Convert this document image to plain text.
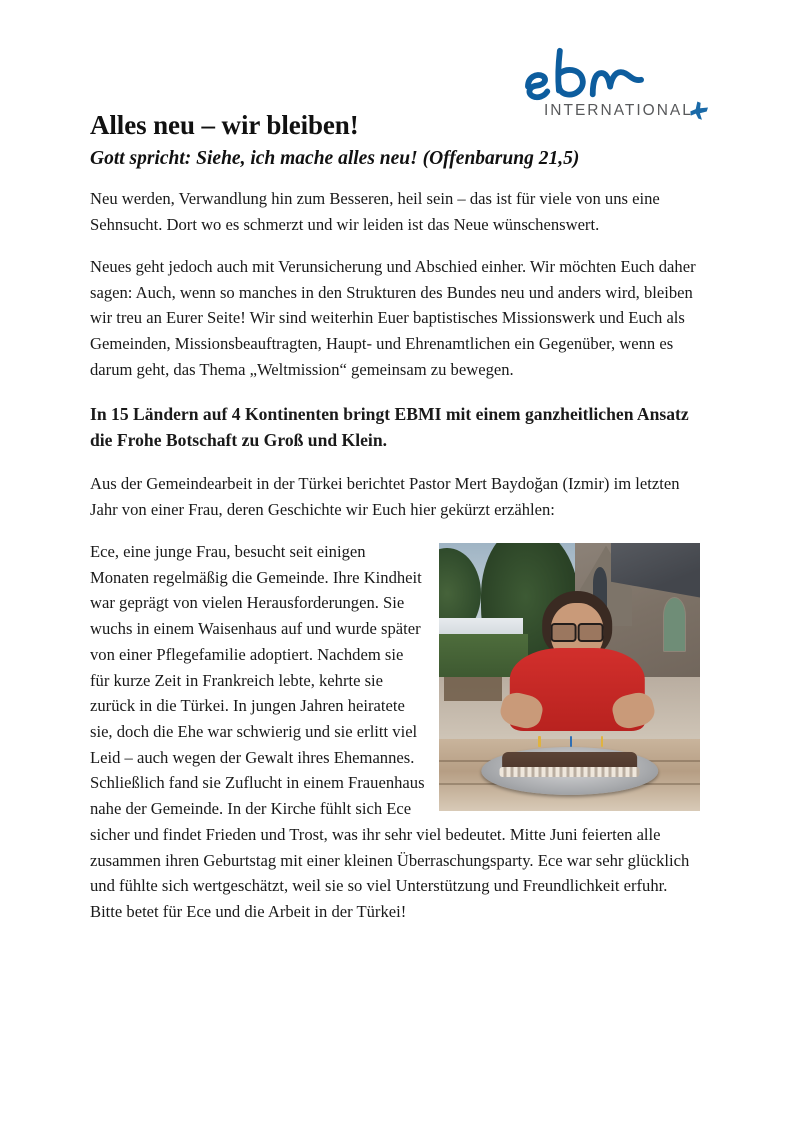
INTERNATIONAL
Alles neu – wir bleiben!
Gott spricht: Siehe, ich mache alles neu! (Offenbarung 21,5)

Neu werden, Verwandlung hin zum Besseren, heil sein – das ist für viele von uns eine Sehnsucht. Dort wo es schmerzt und wir leiden ist das Neue wünschenswert.

Neues geht jedoch auch mit Verunsicherung und Abschied einher. Wir möchten Euch daher sagen: Auch, wenn so manches in den Strukturen des Bundes neu und anders wird, bleiben wir treu an Eurer Seite! Wir sind weiterhin Euer baptistisches Missionswerk und Euch als Gemeinden, Missionsbeauftragten, Haupt- und Ehrenamtlichen ein Gegenüber, wenn es darum geht, das Thema „Weltmission“ gemeinsam zu bewegen.

In 15 Ländern auf 4 Kontinenten bringt EBMI mit einem ganzheitlichen Ansatz die Frohe Botschaft zu Groß und Klein.

Aus der Gemeindearbeit in der Türkei berichtet Pastor Mert Baydoğan (Izmir) im letzten Jahr von einer Frau, deren Geschichte wir Euch hier gekürzt erzählen:

Ece, eine junge Frau, besucht seit einigen Monaten regelmäßig die Gemeinde. Ihre Kindheit war geprägt von vielen Herausforderungen. Sie wuchs in einem Waisenhaus auf und wurde später von einer Pflegefamilie adoptiert. Nachdem sie für kurze Zeit in Frankreich lebte, kehrte sie zurück in die Türkei. In jungen Jahren heiratete sie, doch die Ehe war schwierig und sie erlitt viel Leid – auch wegen der Gewalt ihres Ehemannes. Schließlich fand sie Zuflucht in einem Frauenhaus nahe der Gemeinde. In der Kirche fühlt sich Ece sicher und findet Frieden und Trost, was ihr sehr viel bedeutet. Mitte Juni feierten alle zusammen ihren Geburtstag mit einer kleinen Überraschungsparty. Ece war sehr glücklich und fühlte sich wertgeschätzt, weil sie so viel Unterstützung und Freundlichkeit erfuhr. Bitte betet für Ece und die Arbeit in der Türkei!
